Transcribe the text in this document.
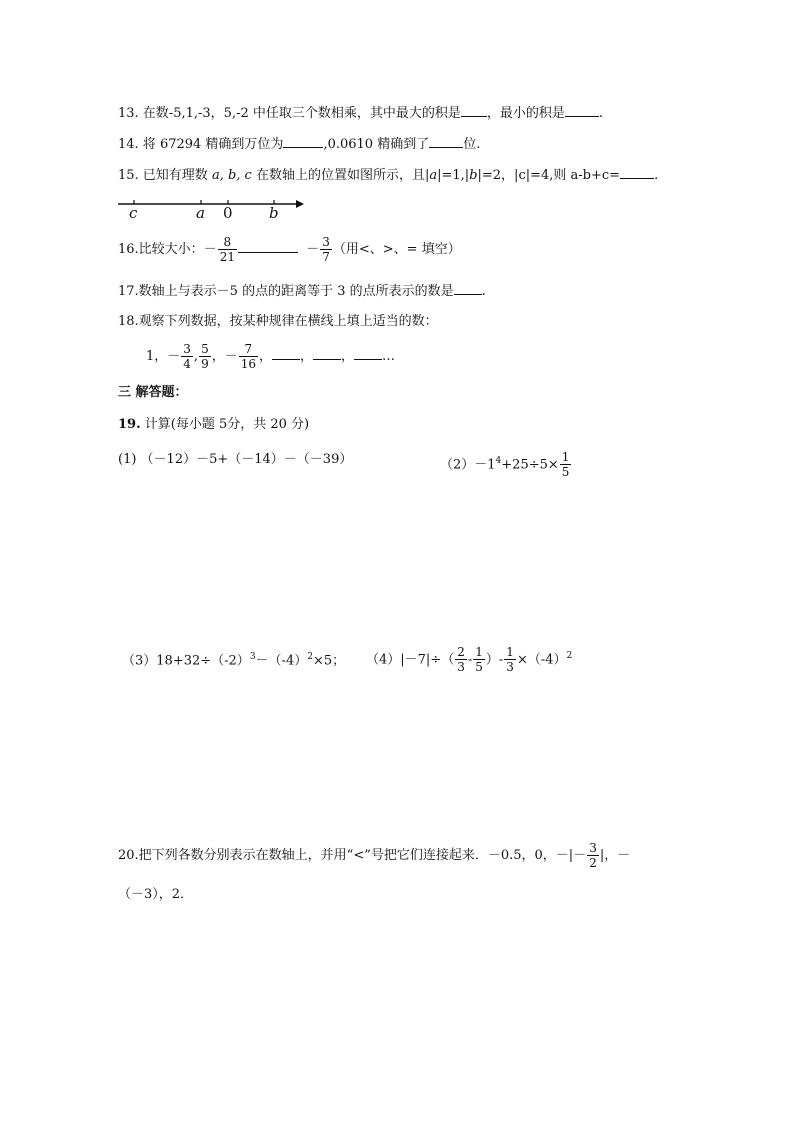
13. 在数-5,1,-3，5,-2 中任取三个数相乘，其中最大的积是 ，最小的积是	.
14. 将 67294 精确到万位为	,0.0610 精确到了	位.
15. 已知有理数 a, b, c 在数轴上的位置如图所示，且|a|=1,|b|=2，|c|=4,则 a-b+c=	.
c	a 0 b
16.比较大小：－ $\frac{8}{21}$	－ $\frac{3}{7}$ （用<、>、= 填空）
17.数轴上与表示－5 的点的距离等于 3 的点所表示的数是 .
18.观察下列数据，按某种规律在横线上填上适当的数：
1，－ $\frac{3}{4}$ , $\frac{5}{9}$ ，－ $\frac{7}{16}$ ， ， ， …
三 解答题：
19. 计算(每小题 5分，共 20 分)
(1) （－12）－5+（－14）－（－39）	$(2)-1^4+25\div 5\times \frac{1}{5}$
$(3)18+32\div(-2)^3-(-4)^2\times 5$； $(4)|-7|\div( \frac{2}{3} - \frac{1}{5}$ ）- $\frac{1}{3} \times(-4)^2$
20.把下列各数分别表示在数轴上，并用“<”号把它们连接起来．－0.5，0，－|－ $\frac{3}{2}$ |，－
（－3），2．
